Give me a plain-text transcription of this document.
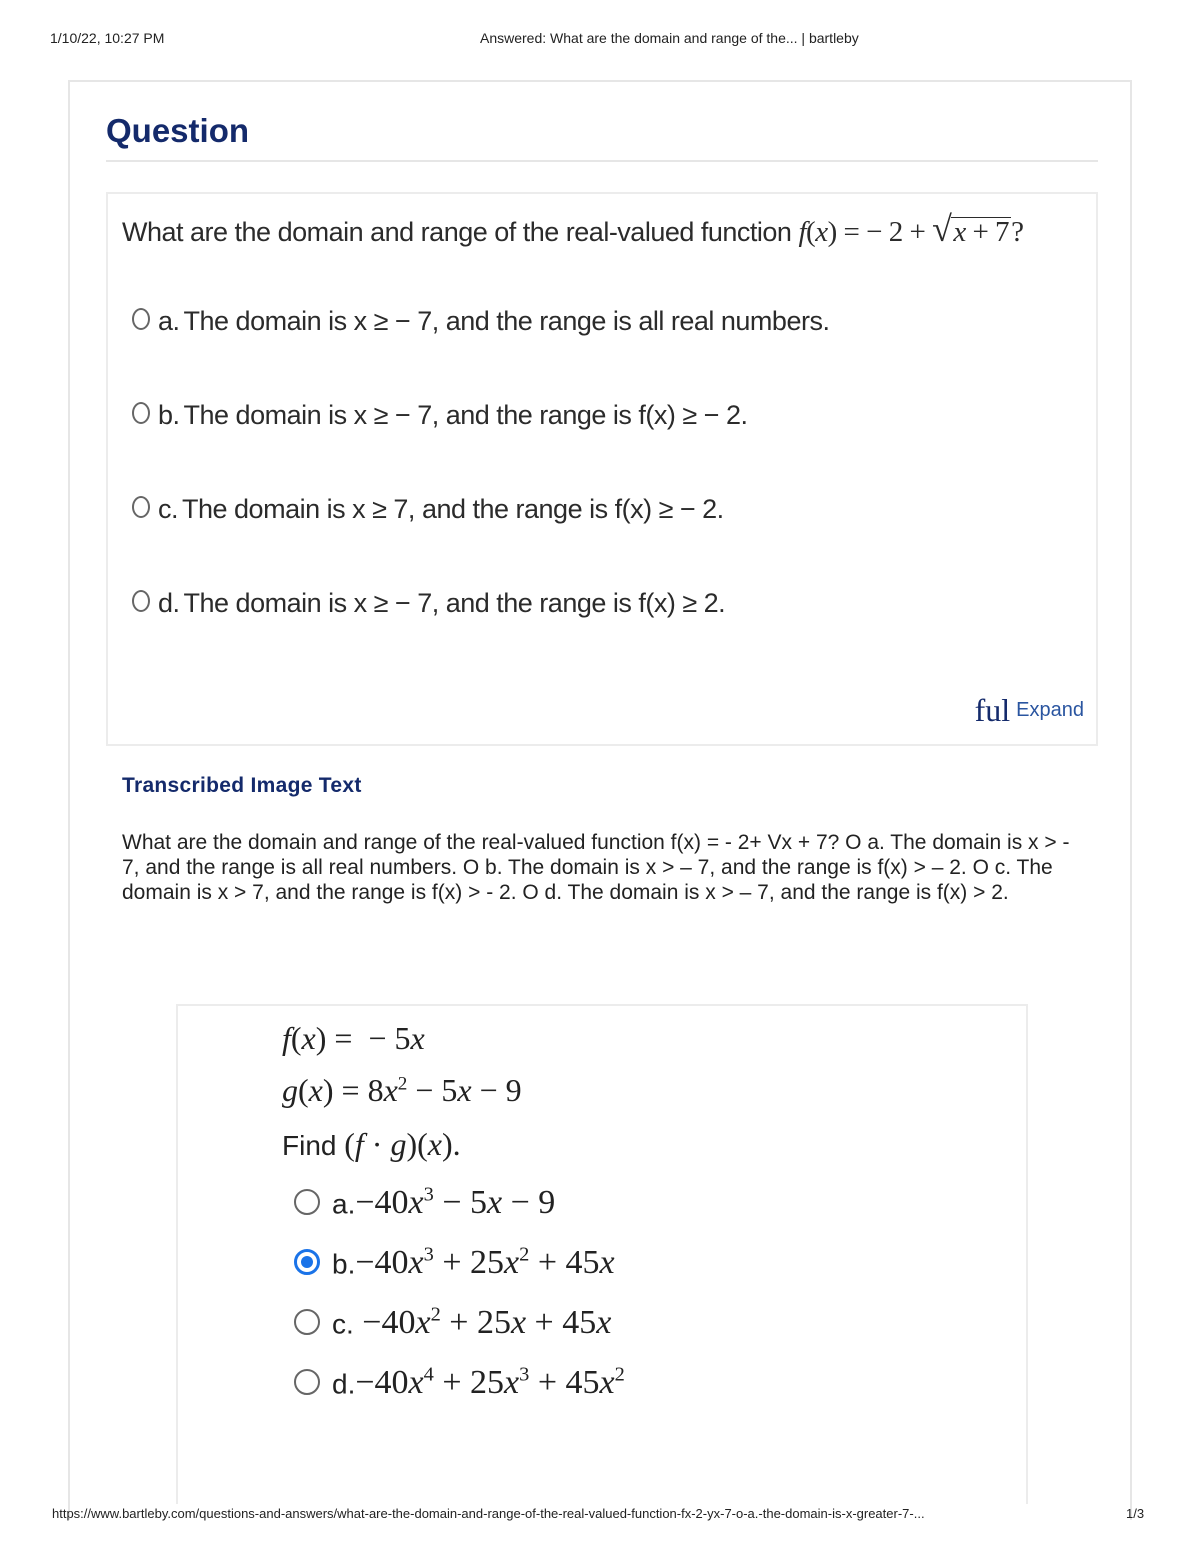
1/10/22, 10:27 PM	Answered: What are the domain and range of the... | bartleby
Question
What are the domain and range of the real-valued function f(x) = − 2 + √x + 7?
a. The domain is x ≥ − 7, and the range is all real numbers.
b. The domain is x ≥ − 7, and the range is f(x) ≥ − 2.
c. The domain is x ≥ 7, and the range is f(x) ≥ − 2.
d. The domain is x ≥ − 7, and the range is f(x) ≥ 2.
ful Expand
Transcribed Image Text
What are the domain and range of the real-valued function f(x) = - 2+ Vx + 7? O a. The domain is x > - 7, and the range is all real numbers. O b. The domain is x > – 7, and the range is f(x) > – 2. O c. The domain is x > 7, and the range is f(x) > - 2. O d. The domain is x > – 7, and the range is f(x) > 2.
f(x) =  − 5x
$g(x) = 8x^2 - 5x - 9$
Find (f · g)(x).
$a.-40x^3 - 5x - 9$
$b.-40x^3 + 25x^2 + 45x$
c. $-40x^2 + 25x + 45x$
$d.-40x^4 + 25x^3 + 45x^2$
https://www.bartleby.com/questions-and-answers/what-are-the-domain-and-range-of-the-real-valued-function-fx-2-yx-7-o-a.-the-domain-is-x-greater-7-...	1/3
